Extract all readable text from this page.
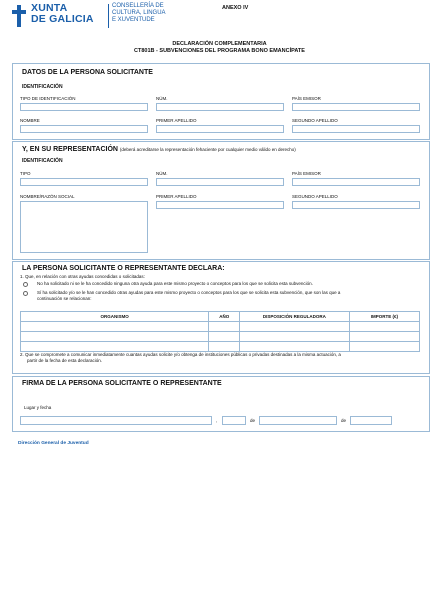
XUNTA
DE GALICIA
CONSELLERÍA DE
CULTURA, LINGUA
E XUVENTUDE
ANEXO IV
DECLARACIÓN COMPLEMENTARIA
CT801B - SUBVENCIONES DEL PROGRAMA BONO EMANCÍPATE
DATOS DE LA PERSONA SOLICITANTE
IDENTIFICACIÓN
TIPO DE IDENTIFICACIÓN	NÚM.	PAÍS EMISOR
NOMBRE	PRIMER APELLIDO	SEGUNDO APELLIDO
Y, EN SU REPRESENTACIÓN (deberá acreditarse la representación fehaciente por cualquier medio válido en derecho)
IDENTIFICACIÓN
TIPO	NÚM.	PAÍS EMISOR
NOMBRE/RAZÓN SOCIAL	PRIMER APELLIDO	SEGUNDO APELLIDO
LA PERSONA SOLICITANTE O REPRESENTANTE DECLARA:
1. Que, en relación con otras ayudas concedidas o solicitadas:
No ha solicitado ni se le ha concedido ninguna otra ayuda para este mismo proyecto o conceptos para los que se solicita esta subvención.
Sí ha solicitado y/o se le han concedido otras ayudas para este mismo proyecto o conceptos para los que se solicita esta subvención, que son las que a
continuación se relacionan:
ORGANISMO	AÑO	DISPOSICIÓN REGULADORA	IMPORTE (€)

2. Que se compromete a comunicar inmediatamente cuantas ayudas solicite y/o obtenga de instituciones públicas o privadas destinadas a la misma actuación, a
partir de la fecha de esta declaración.
FIRMA DE LA PERSONA SOLICITANTE O REPRESENTANTE
Lugar y fecha
,	de	de
Dirección General de Juventud
